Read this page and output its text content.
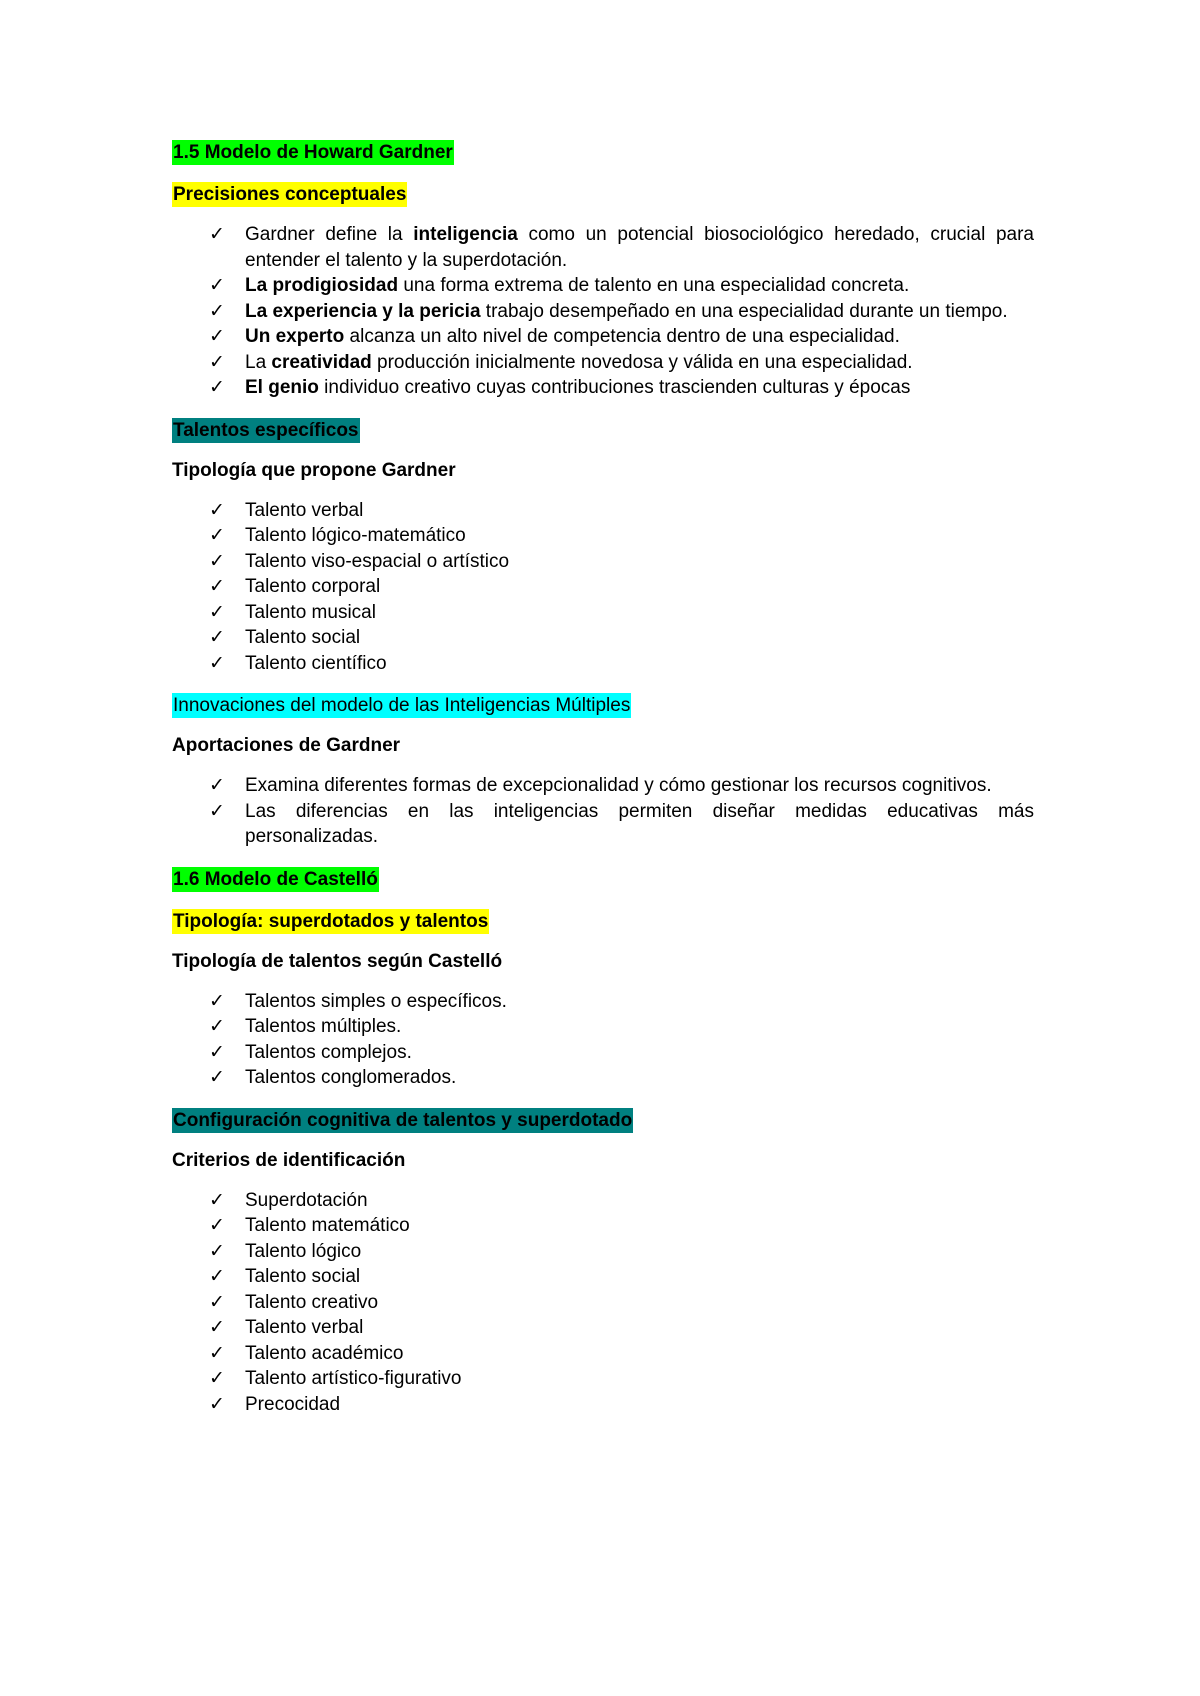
1.5 Modelo de Howard Gardner
Precisiones conceptuales
✓ Gardner define la inteligencia como un potencial biosociológico heredado, crucial para entender el talento y la superdotación.
✓ La prodigiosidad una forma extrema de talento en una especialidad concreta.
✓ La experiencia y la pericia trabajo desempeñado en una especialidad durante un tiempo.
✓ Un experto alcanza un alto nivel de competencia dentro de una especialidad.
✓ La creatividad producción inicialmente novedosa y válida en una especialidad.
✓ El genio individuo creativo cuyas contribuciones trascienden culturas y épocas
Talentos específicos
Tipología que propone Gardner
✓ Talento verbal
✓ Talento lógico-matemático
✓ Talento viso-espacial o artístico
✓ Talento corporal
✓ Talento musical
✓ Talento social
✓ Talento científico
Innovaciones del modelo de las Inteligencias Múltiples
Aportaciones de Gardner
✓ Examina diferentes formas de excepcionalidad y cómo gestionar los recursos cognitivos.
✓ Las diferencias en las inteligencias permiten diseñar medidas educativas más personalizadas.
1.6 Modelo de Castelló
Tipología: superdotados y talentos
Tipología de talentos según Castelló
✓ Talentos simples o específicos.
✓ Talentos múltiples.
✓ Talentos complejos.
✓ Talentos conglomerados.
Configuración cognitiva de talentos y superdotado
Criterios de identificación
✓ Superdotación
✓ Talento matemático
✓ Talento lógico
✓ Talento social
✓ Talento creativo
✓ Talento verbal
✓ Talento académico
✓ Talento artístico-figurativo
✓ Precocidad
